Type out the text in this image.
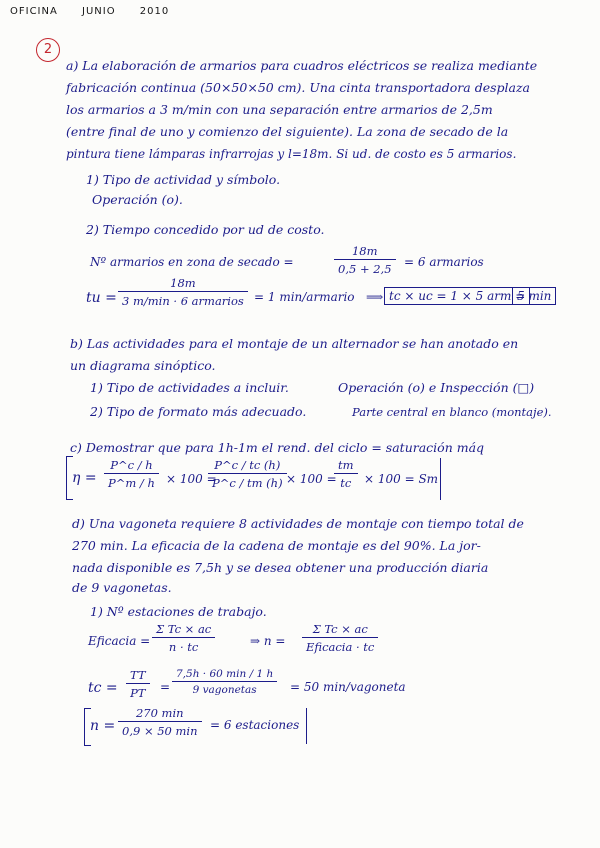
OFICINA JUNIO 2010
2
a) La elaboración de armarios para cuadros eléctricos se realiza mediante
fabricación continua (50×50×50 cm). Una cinta transportadora desplaza
los armarios a 3 m/min con una separación entre armarios de 2,5m
(entre final de uno y comienzo del siguiente). La zona de secado de la
pintura tiene lámparas infrarrojas y l=18m. Si ud. de costo es 5 armarios.
1) Tipo de actividad y símbolo.
Operación (o).
2) Tiempo concedido por ud de costo.
Nº armarios en zona de secado =	$\frac{18m}{0,5 + 2,5} = 6$ armarios
tu =
18m
3 m/min · 6 armarios = 1 min/armario ⟹ tc × uc = 1 × 5 arm =
5 min
b) Las actividades para el montaje de un alternador se han anotado en
un diagrama sinóptico.
1) Tipo de actividades a incluir.	Operación (o) e Inspección (□)
2) Tipo de formato más adecuado.	Parte central en blanco (montaje).
c) Demostrar que para 1h-1m el rend. del ciclo = saturación máq
$\eta = \frac{P\^{}c / h}{P\^{}m / h} \times 100$ =
$\frac{P\^{}c / tc (h)}{P\^{}c / tm (h)} \times 100$ =
$\frac{tm}{tc} \times 100 = Sm$
d) Una vagoneta requiere 8 actividades de montaje con tiempo total de
270 min. La eficacia de la cadena de montaje es del 90%. La jor-
nada disponible es 7,5h y se desea obtener una producción diaria
de 9 vagonetas.
1) Nº estaciones de trabajo.
Eficacia = $\frac{\text{Σ Tc × ac}}{n \cdot tc}$	⇒ n =
Σ Tc × ac
Eficacia · tc
tc = $\frac{TT}{PT}$ =
7,5h · 60 min / 1 h
9 vagonetas	= 50 min/vagoneta
n =
270 min
0,9 × 50 min	= 6 estaciones
